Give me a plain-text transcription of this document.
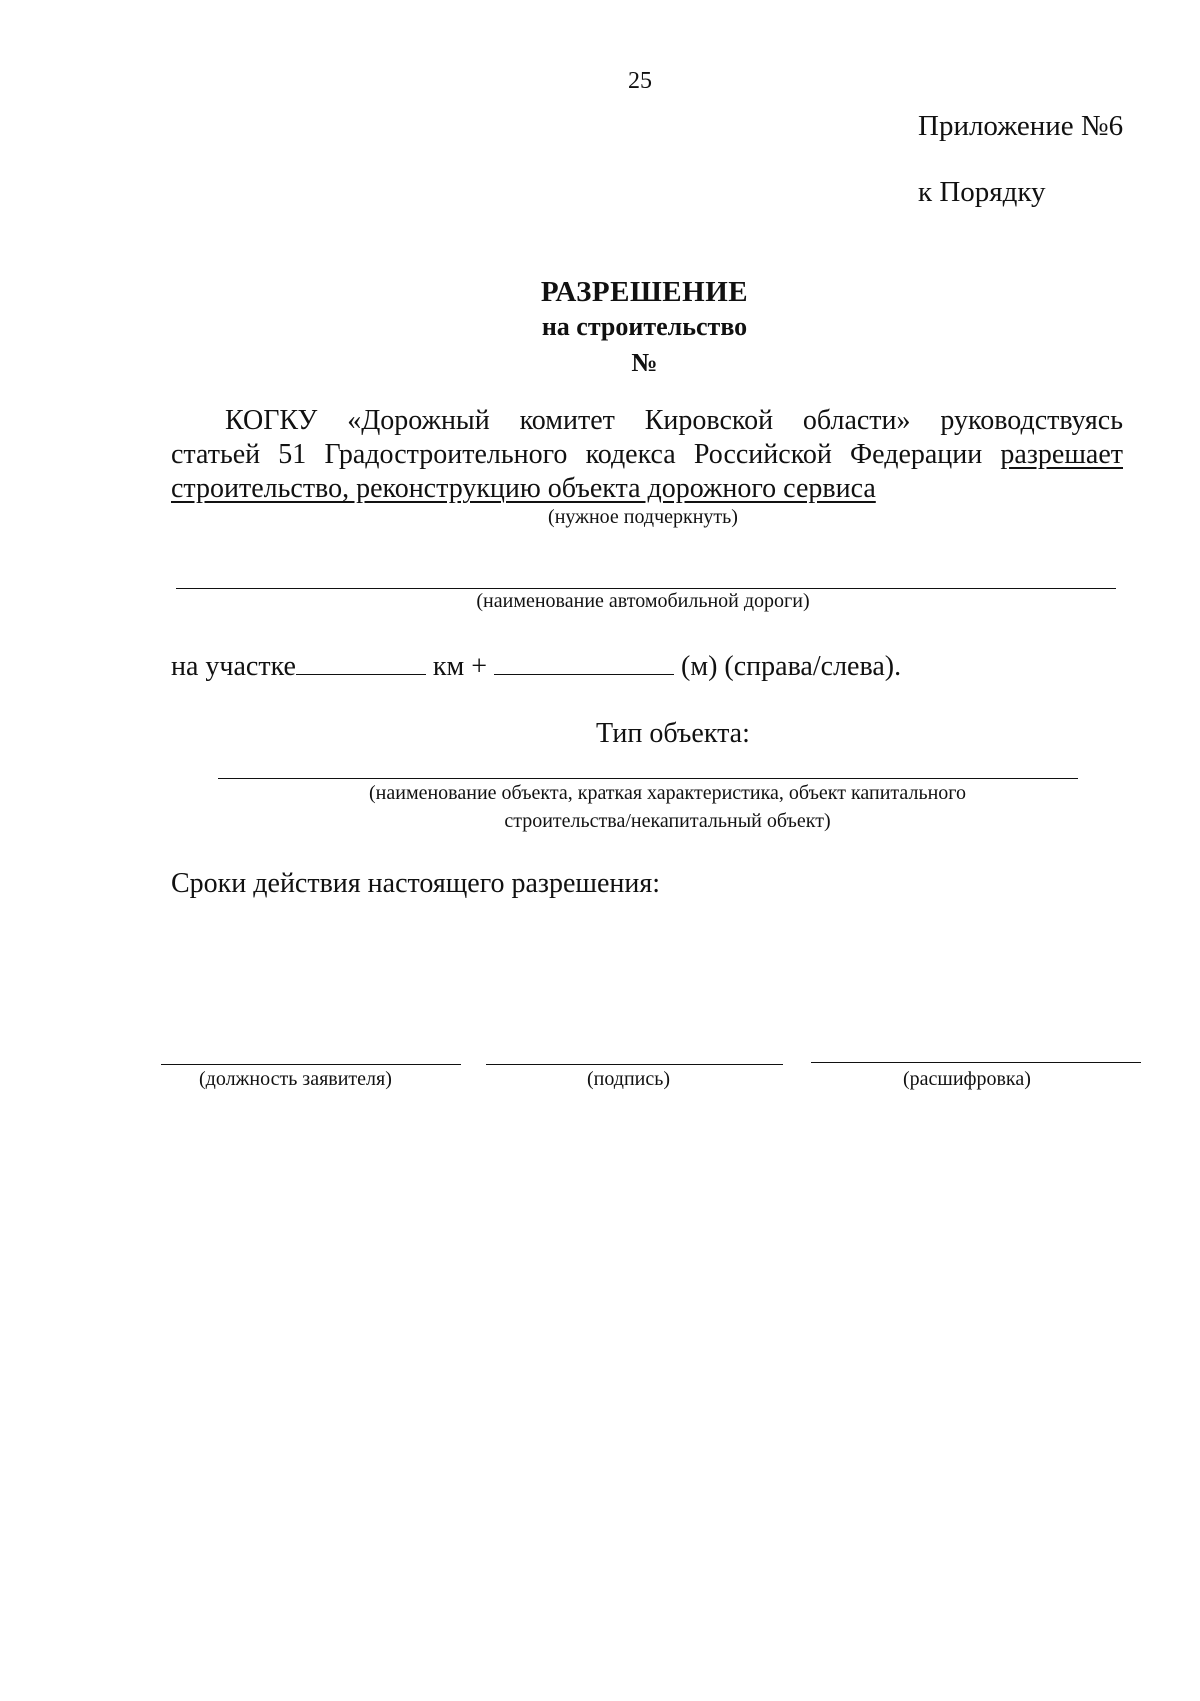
25
Приложение №6
к Порядку
РАЗРЕШЕНИЕ
на строительство
№
КОГКУ «Дорожный комитет Кировской области» руководствуясь
статьей 51 Градостроительного кодекса Российской Федерации разрешает
строительство, реконструкцию объекта дорожного сервиса
(нужное подчеркнуть)
(наименование автомобильной дороги)
на участке	км +	(м) (справа/слева).
Тип объекта:
(наименование объекта, краткая характеристика, объект капитального
строительства/некапитальный объект)
Сроки действия настоящего разрешения:
(должность заявителя)	(подпись)	(расшифровка)
